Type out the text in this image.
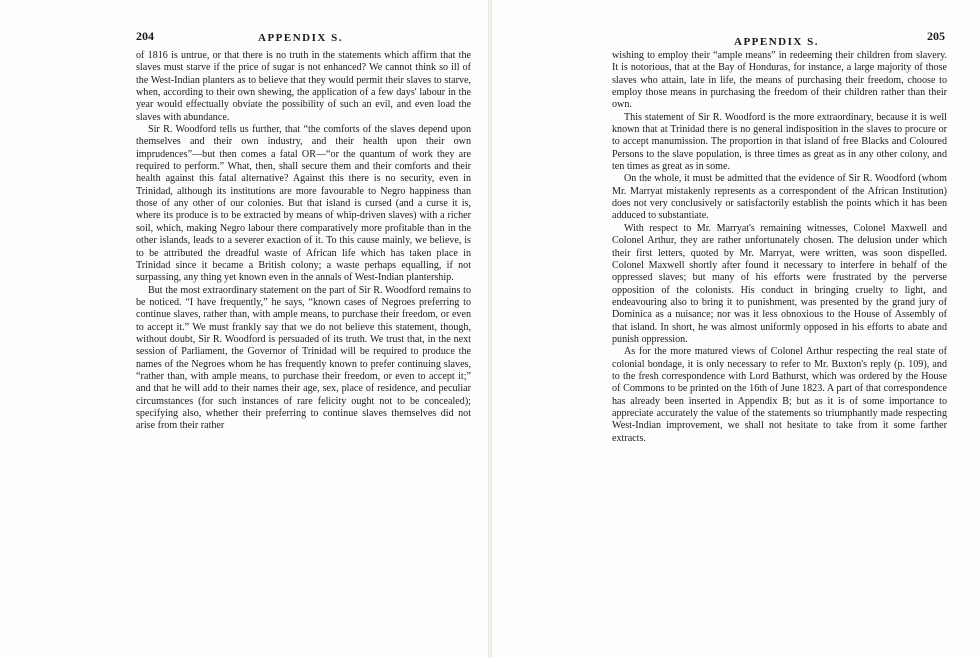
204	APPENDIX S.

of 1816 is untrue, or that there is no truth in the statements which affirm that the slaves must starve if the price of sugar is not enhanced? We cannot think so ill of the West-Indian planters as to believe that they would permit their slaves to starve, when, according to their own shewing, the application of a few days' labour in the year would effectually obviate the possibility of such an evil, and even load the slaves with abundance.

Sir R. Woodford tells us further, that “the comforts of the slaves depend upon themselves and their own industry, and their health upon their own imprudences”—but then comes a fatal OR—“or the quantum of work they are required to perform.” What, then, shall secure them and their comforts and their health against this fatal alternative? Against this there is no security, even in Trinidad, although its institutions are more favourable to Negro happiness than those of any other of our colonies. But that island is cursed (and a curse it is, where its produce is to be extracted by means of whip-driven slaves) with a richer soil, which, making Negro labour there comparatively more profitable than in the other islands, leads to a severer exaction of it. To this cause mainly, we believe, is to be attributed the dreadful waste of African life which has taken place in Trinidad since it became a British colony; a waste perhaps equalling, if not surpassing, any thing yet known even in the annals of West-Indian plantership.

But the most extraordinary statement on the part of Sir R. Woodford remains to be noticed. “I have frequently,” he says, “known cases of Negroes preferring to continue slaves, rather than, with ample means, to purchase their freedom, or even to accept it.” We must frankly say that we do not believe this statement, though, without doubt, Sir R. Woodford is persuaded of its truth. We trust that, in the next session of Parliament, the Governor of Trinidad will be required to produce the names of the Negroes whom he has frequently known to prefer continuing slaves, “rather than, with ample means, to purchase their freedom, or even to accept it;” and that he will add to their names their age, sex, place of residence, and peculiar circumstances (for such instances of rare felicity ought not to be concealed); specifying also, whether their preferring to continue slaves themselves did not arise from their rather

APPENDIX S.	205

wishing to employ their “ample means” in redeeming their children from slavery. It is notorious, that at the Bay of Honduras, for instance, a large majority of those slaves who attain, late in life, the means of purchasing their freedom, choose to employ those means in purchasing the freedom of their children rather than their own.

This statement of Sir R. Woodford is the more extraordinary, because it is well known that at Trinidad there is no general indisposition in the slaves to procure or to accept manumission. The proportion in that island of free Blacks and Coloured Persons to the slave population, is three times as great as in any other colony, and ten times as great as in some.

On the whole, it must be admitted that the evidence of Sir R. Woodford (whom Mr. Marryat mistakenly represents as a correspondent of the African Institution) does not very conclusively or satisfactorily establish the points which it has been adduced to substantiate.

With respect to Mr. Marryat's remaining witnesses, Colonel Maxwell and Colonel Arthur, they are rather unfortunately chosen. The delusion under which their first letters, quoted by Mr. Marryat, were written, was soon dispelled. Colonel Maxwell shortly after found it necessary to interfere in behalf of the oppressed slaves; but many of his efforts were frustrated by the perverse opposition of the colonists. His conduct in bringing cruelty to light, and endeavouring also to bring it to punishment, was presented by the grand jury of Dominica as a nuisance; nor was it less obnoxious to the House of Assembly of that island. In short, he was almost uniformly opposed in his efforts to abate and punish oppression.

As for the more matured views of Colonel Arthur respecting the real state of colonial bondage, it is only necessary to refer to Mr. Buxton's reply (p. 109), and to the fresh correspondence with Lord Bathurst, which was ordered by the House of Commons to be printed on the 16th of June 1823. A part of that correspondence has already been inserted in Appendix B; but as it is of some importance to appreciate accurately the value of the statements so triumphantly made respecting West-Indian improvement, we shall not hesitate to take from it some farther extracts.
